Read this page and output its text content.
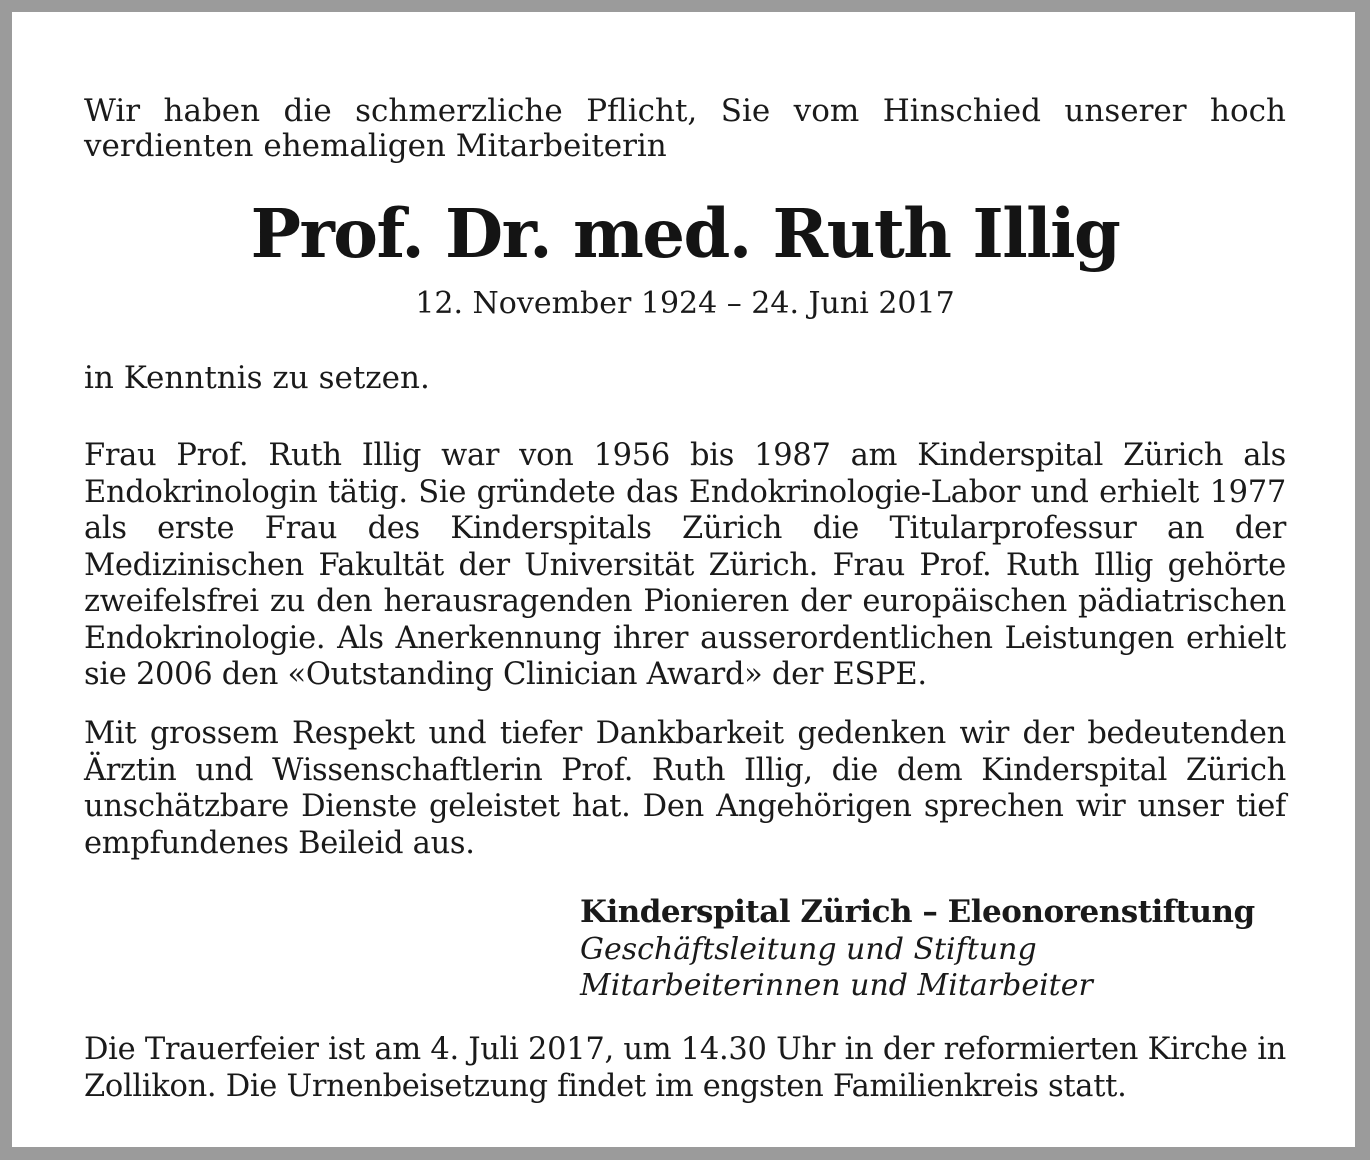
Wir haben die schmerzliche Pflicht, Sie vom Hinschied unserer hoch verdienten ehemaligen Mitarbeiterin
Prof. Dr. med. Ruth Illig
12. November 1924 – 24. Juni 2017
in Kenntnis zu setzen.
Frau Prof. Ruth Illig war von 1956 bis 1987 am Kinderspital Zürich als Endokrinologin tätig. Sie gründete das Endokrinologie-Labor und erhielt 1977 als erste Frau des Kinderspitals Zürich die Titularprofessur an der Medizinischen Fakultät der Universität Zürich. Frau Prof. Ruth Illig gehörte zweifelsfrei zu den herausragenden Pionieren der europäischen pädiatrischen Endokrinologie. Als Anerkennung ihrer ausserordentlichen Leistungen erhielt sie 2006 den «Outstanding Clinician Award» der ESPE.
Mit grossem Respekt und tiefer Dankbarkeit gedenken wir der bedeutenden Ärztin und Wissenschaftlerin Prof. Ruth Illig, die dem Kinderspital Zürich unschätzbare Dienste geleistet hat. Den Angehörigen sprechen wir unser tief empfundenes Beileid aus.
Kinderspital Zürich – Eleonorenstiftung
Geschäftsleitung und Stiftung
Mitarbeiterinnen und Mitarbeiter
Die Trauerfeier ist am 4. Juli 2017, um 14.30 Uhr in der reformierten Kirche in Zollikon. Die Urnenbeisetzung findet im engsten Familienkreis statt.
